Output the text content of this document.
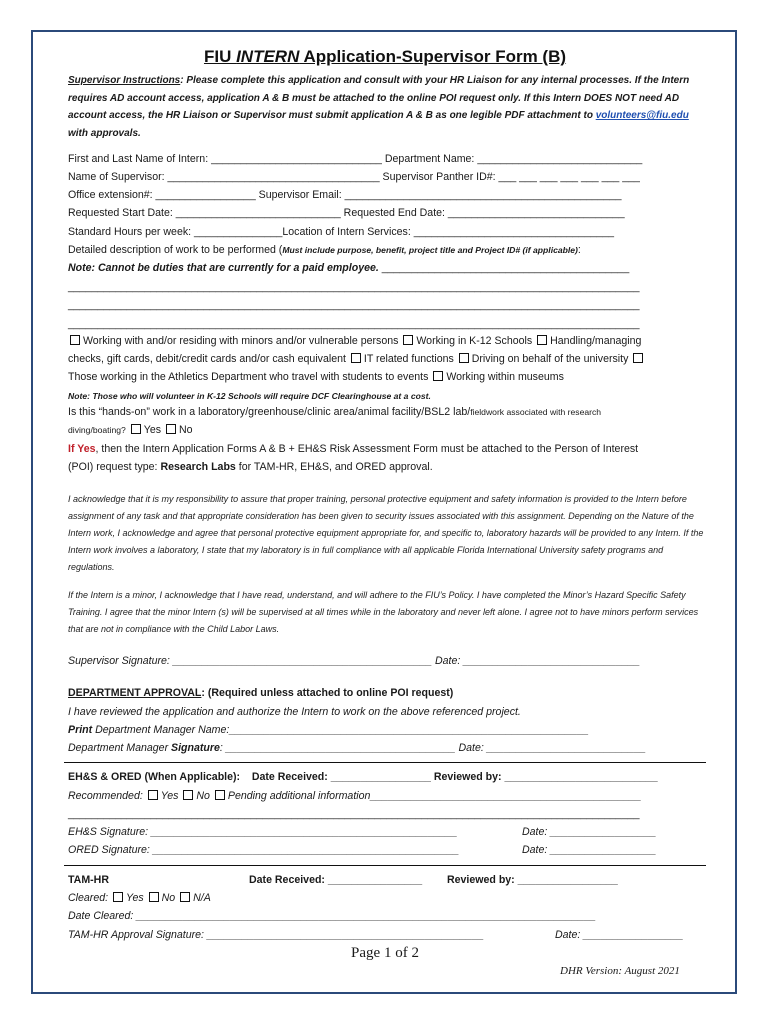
FIU INTERN Application-Supervisor Form (B)
Supervisor Instructions: Please complete this application and consult with your HR Liaison for any internal processes. If the Intern requires AD account access, application A & B must be attached to the online POI request only. If this Intern DOES NOT need AD account access, the HR Liaison or Supervisor must submit application A & B as one legible PDF attachment to volunteers@fiu.edu with approvals.
First and Last Name of Intern: _____________________________ Department Name: ____________________________
Name of Supervisor: ____________________________________ Supervisor Panther ID#: ___ ___ ___ ___ ___ ___ ___
Office extension#: _________________ Supervisor Email: _______________________________________________
Requested Start Date: ____________________________ Requested End Date: ______________________________
Standard Hours per week: _______________Location of Intern Services: __________________________________
Detailed description of work to be performed (Must include purpose, benefit, project title and Project ID# (if applicable):
Note: Cannot be duties that are currently for a paid employee. __________________________________________
_________________________________________________________________________________________________
_________________________________________________________________________________________________
_________________________________________________________________________________________________
Working with and/or residing with minors and/or vulnerable persons Working in K-12 Schools Handling/managing
checks, gift cards, debit/credit cards and/or cash equivalent IT related functions Driving on behalf of the university
Those working in the Athletics Department who travel with students to events Working within museums
Note: Those who will volunteer in K-12 Schools will require DCF Clearinghouse at a cost.
Is this “hands-on” work in a laboratory/greenhouse/clinic area/animal facility/BSL2 lab/fieldwork associated with research
diving/boating? Yes No
If Yes, then the Intern Application Forms A & B + EH&S Risk Assessment Form must be attached to the Person of Interest
(POI) request type: Research Labs for TAM-HR, EH&S, and ORED approval.
I acknowledge that it is my responsibility to assure that proper training, personal protective equipment and safety information is provided to the Intern before assignment of any task and that appropriate consideration has been given to security issues associated with this assignment. Depending on the Nature of the Intern work, I acknowledge and agree that personal protective equipment appropriate for, and specific to, laboratory hazards will be provided to any Intern. If the Intern work involves a laboratory, I state that my laboratory is in full compliance with all applicable Florida International University safety programs and regulations.
If the Intern is a minor, I acknowledge that I have read, understand, and will adhere to the FIU’s Policy. I have completed the Minor’s Hazard Specific Safety Training. I agree that the minor Intern (s) will be supervised at all times while in the laboratory and never left alone. I agree not to have minors perform services that are not in compliance with the Child Labor Laws.
Supervisor Signature: ____________________________________________ Date: ______________________________
DEPARTMENT APPROVAL: (Required unless attached to online POI request)
I have reviewed the application and authorize the Intern to work on the above referenced project.
Print Department Manager Name:_____________________________________________________________
Department Manager Signature: _______________________________________ Date: ___________________________
EH&S & ORED (When Applicable): Date Received: _________________ Reviewed by: __________________________
Recommended: Yes No Pending additional information______________________________________________
_________________________________________________________________________________________________
EH&S Signature: ____________________________________________________	Date: __________________
ORED Signature: ____________________________________________________	Date: __________________
TAM-HR	Date Received: ________________ Reviewed by: _________________
Cleared: Yes No N/A
Date Cleared: ______________________________________________________________________________
TAM-HR Approval Signature: _______________________________________________	Date: _________________
Page 1 of 2
DHR Version: August 2021
